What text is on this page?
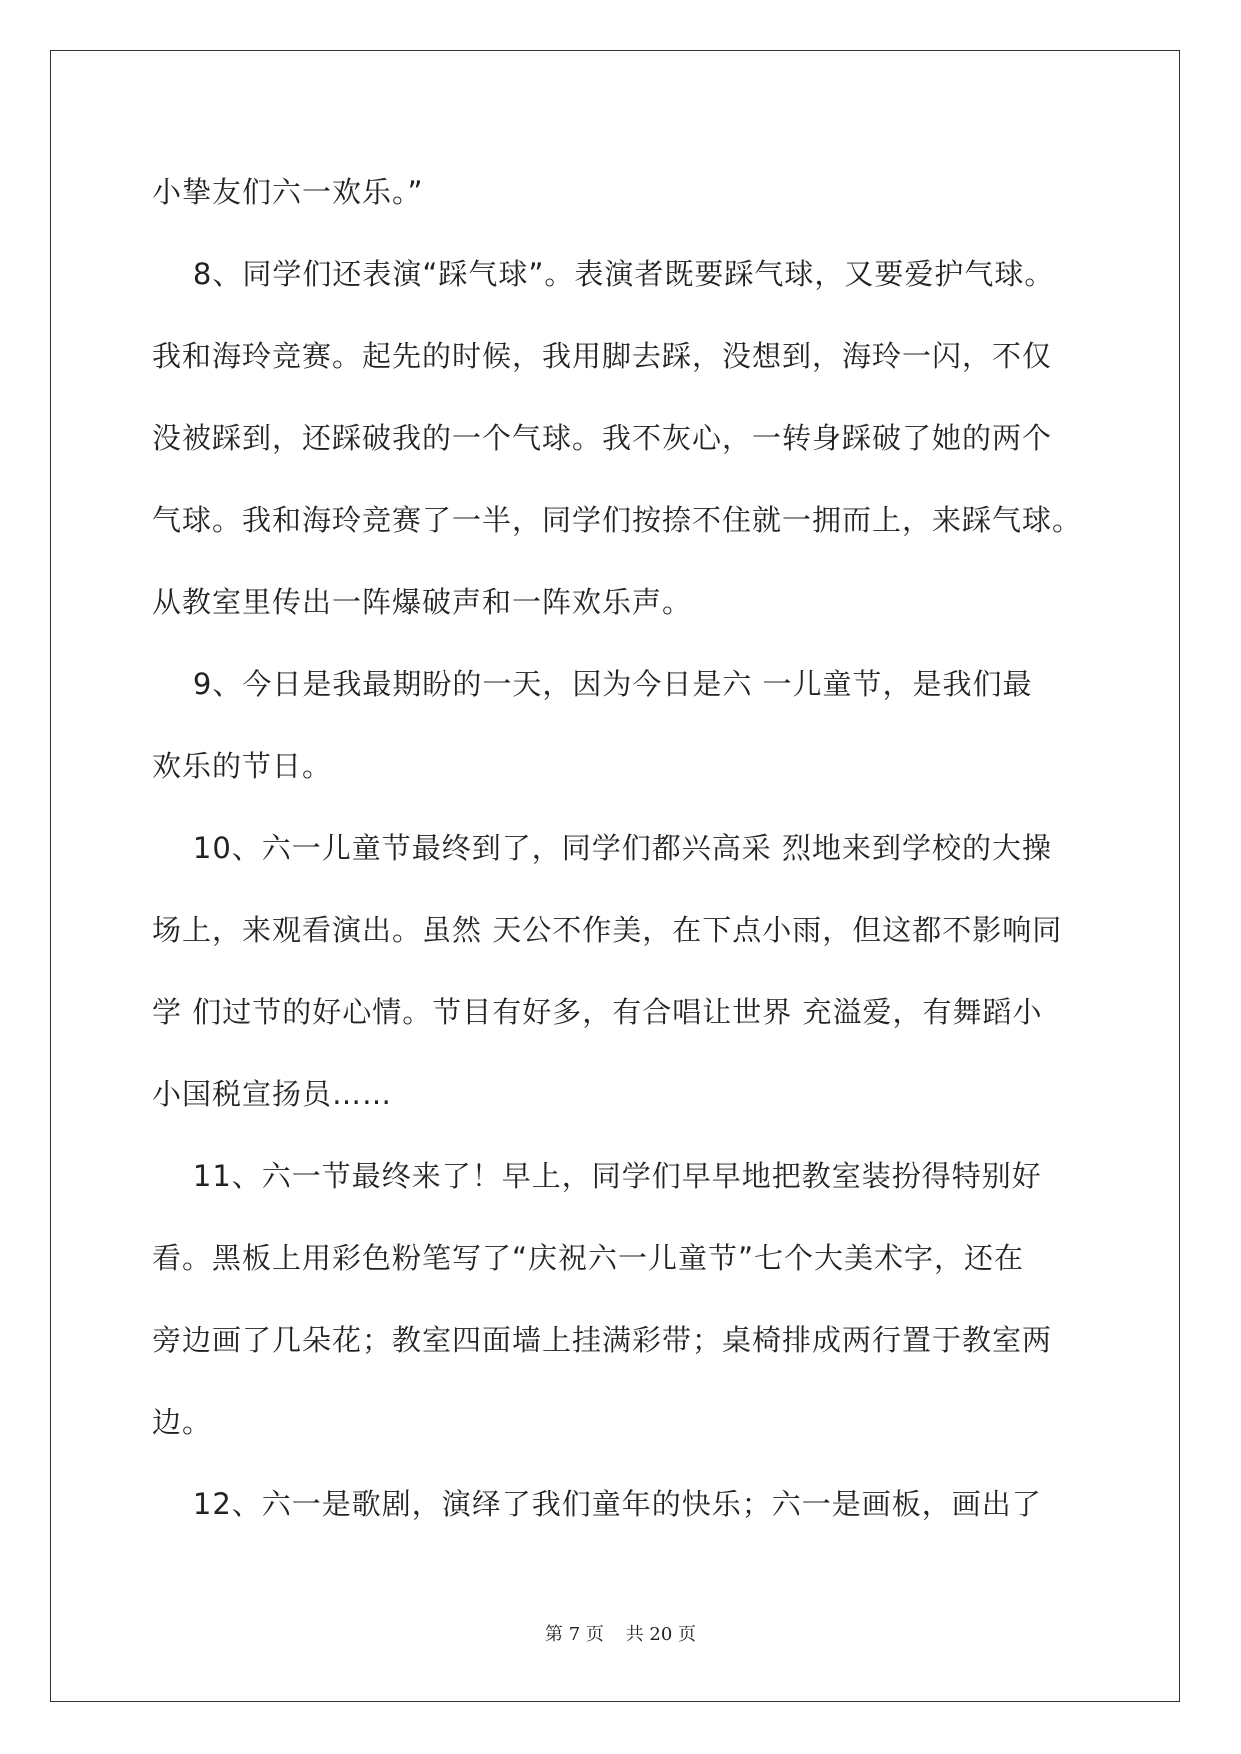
小挚友们六一欢乐。”

8、同学们还表演“踩气球”。表演者既要踩气球，又要爱护气球。

我和海玲竞赛。起先的时候，我用脚去踩，没想到，海玲一闪，不仅

没被踩到，还踩破我的一个气球。我不灰心，一转身踩破了她的两个

气球。我和海玲竞赛了一半，同学们按捺不住就一拥而上，来踩气球。

从教室里传出一阵爆破声和一阵欢乐声。

9、今日是我最期盼的一天，因为今日是六 一儿童节，是我们最

欢乐的节日。

10、六一儿童节最终到了，同学们都兴高采 烈地来到学校的大操

场上，来观看演出。虽然 天公不作美，在下点小雨，但这都不影响同

学 们过节的好心情。节目有好多，有合唱让世界 充溢爱，有舞蹈小

小国税宣扬员……

11、六一节最终来了！早上，同学们早早地把教室装扮得特别好

看。黑板上用彩色粉笔写了“庆祝六一儿童节”七个大美术字，还在

旁边画了几朵花；教室四面墙上挂满彩带；桌椅排成两行置于教室两

边。

12、六一是歌剧，演绎了我们童年的快乐；六一是画板，画出了

第 7 页 共 20 页
